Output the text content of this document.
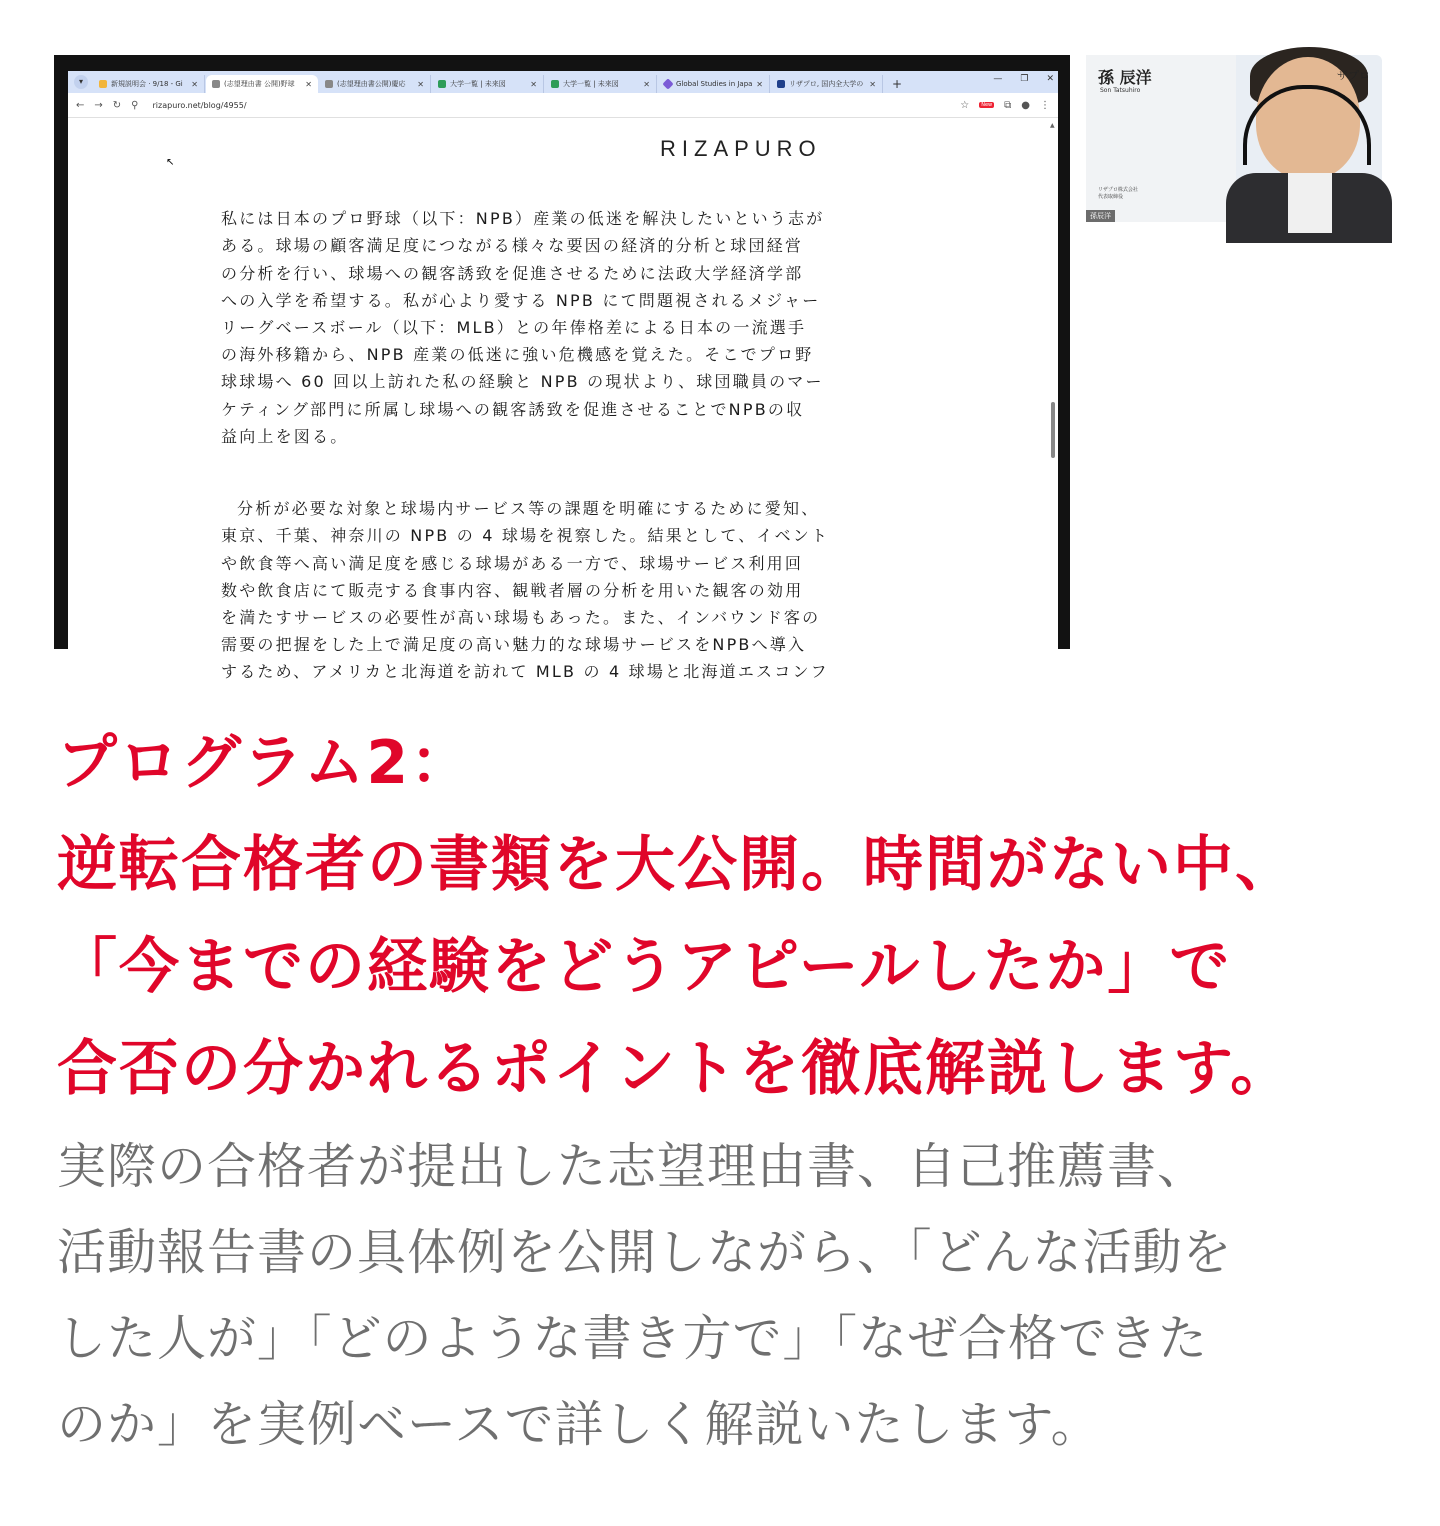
▾	新規説明会 · 9/18 - Gi	✕	(志望理由書 公開)野球	✕	(志望理由書公開)慶応	✕	大学一覧 | 未来図	✕	大学一覧 | 未来図	✕	Global Studies in Japa ✕	リザプロ, 国内全大学の ✕	+	— ❐ ✕
← → ↻ ⚲ rizapuro.net/blog/4955/	☆	New ⧉ ● ⋮
RIZAPURO

私には日本のプロ野球（以下：NPB）産業の低迷を解決したいという志が
ある。球場の顧客満足度につながる様々な要因の経済的分析と球団経営
の分析を行い、球場への観客誘致を促進させるために法政大学経済学部
への入学を希望する。私が心より愛する NPB にて問題視されるメジャー
リーグベースボール（以下：MLB）との年俸格差による日本の一流選手
の海外移籍から、NPB 産業の低迷に強い危機感を覚えた。そこでプロ野
球球場へ 60 回以上訪れた私の経験と NPB の現状より、球団職員のマー
ケティング部門に所属し球場への観客誘致を促進させることでNPBの収
益向上を図る。

分析が必要な対象と球場内サービス等の課題を明確にするために愛知、
東京、千葉、神奈川の NPB の 4 球場を視察した。結果として、イベント
や飲食等へ高い満足度を感じる球場がある一方で、球場サービス利用回
数や飲食店にて販売する食事内容、観戦者層の分析を用いた観客の効用
を満たすサービスの必要性が高い球場もあった。また、インバウンド客の
需要の把握をした上で満足度の高い魅力的な球場サービスをNPBへ導入
するため、アメリカと北海道を訪れて MLB の 4 球場と北海道エスコンフ

▲
↖
孫 辰洋
Son Tatsuhiro
ザプロ
リザプロ株式会社
代表取締役
孫辰洋
プログラム2：
逆転合格者の書類を大公開。時間がない中、
「今までの経験をどうアピールしたか」で
合否の分かれるポイントを徹底解説します。
実際の合格者が提出した志望理由書、自己推薦書、
活動報告書の具体例を公開しながら、「どんな活動を
した人が」「どのような書き方で」「なぜ合格できた
のか」を実例ベースで詳しく解説いたします。
